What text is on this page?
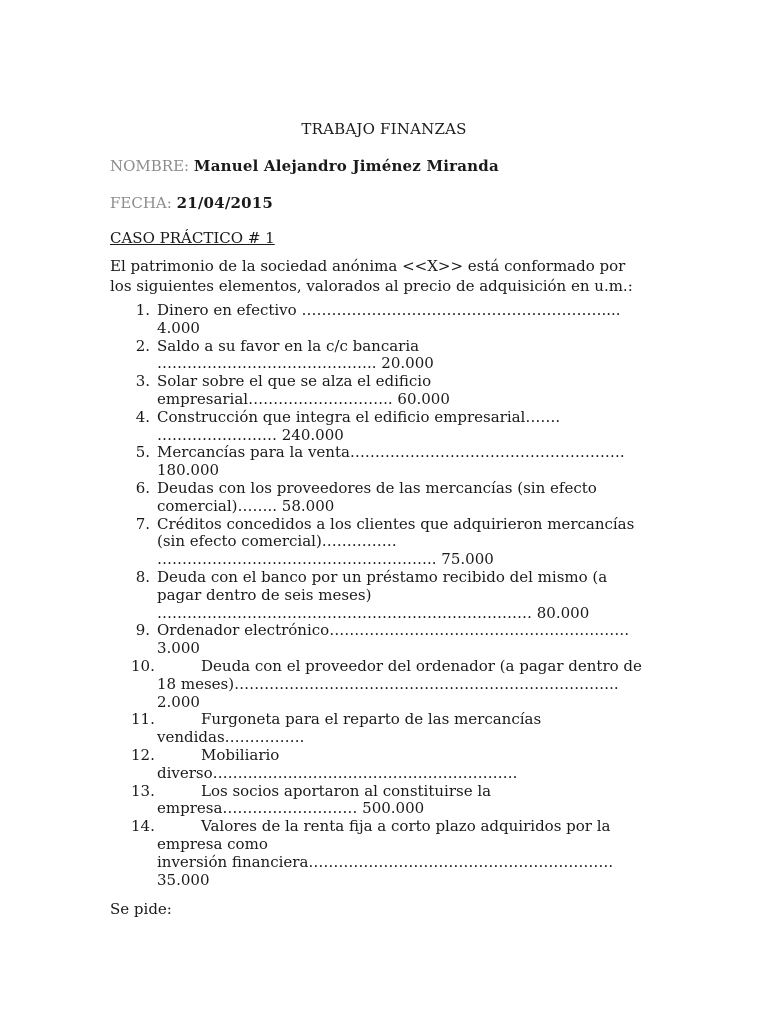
TRABAJO FINANZAS
NOMBRE: Manuel Alejandro Jiménez Miranda
FECHA: 21/04/2015
CASO PRÁCTICO # 1
El patrimonio de la sociedad anónima <<X>> está conformado por
los siguientes elementos, valorados al precio de adquisición en u.m.:
1. Dinero en efectivo ……………………………………………………....
4.000
2. Saldo a su favor en la c/c bancaria
…………………………………….. 20.000
3. Solar sobre el que se alza el edificio
empresarial……………………….. 60.000
4. Construcción que integra el edificio empresarial…….
…………………… 240.000
5. Mercancías para la venta……………………………………………….
180.000
6. Deudas con los proveedores de las mercancías (sin efecto
comercial)…….. 58.000
7. Créditos concedidos a los clientes que adquirieron mercancías
(sin efecto comercial)……………
……………………………………………….. 75.000
8. Deuda con el banco por un préstamo recibido del mismo (a
pagar dentro de seis meses)
………………………………………………………………… 80.000
9. Ordenador electrónico……………………………………………………
3.000
10.	Deuda con el proveedor del ordenador (a pagar dentro de
18 meses)…………………………………………………………………..
2.000
11.	Furgoneta para el reparto de las mercancías
vendidas…………….
12.	Mobiliario
diverso…………………………………………………….
13.	Los socios aportaron al constituirse la
empresa……………………… 500.000
14.	Valores de la renta fija a corto plazo adquiridos por la
empresa como
inversión financiera…………………………………………………….
35.000
Se pide:
